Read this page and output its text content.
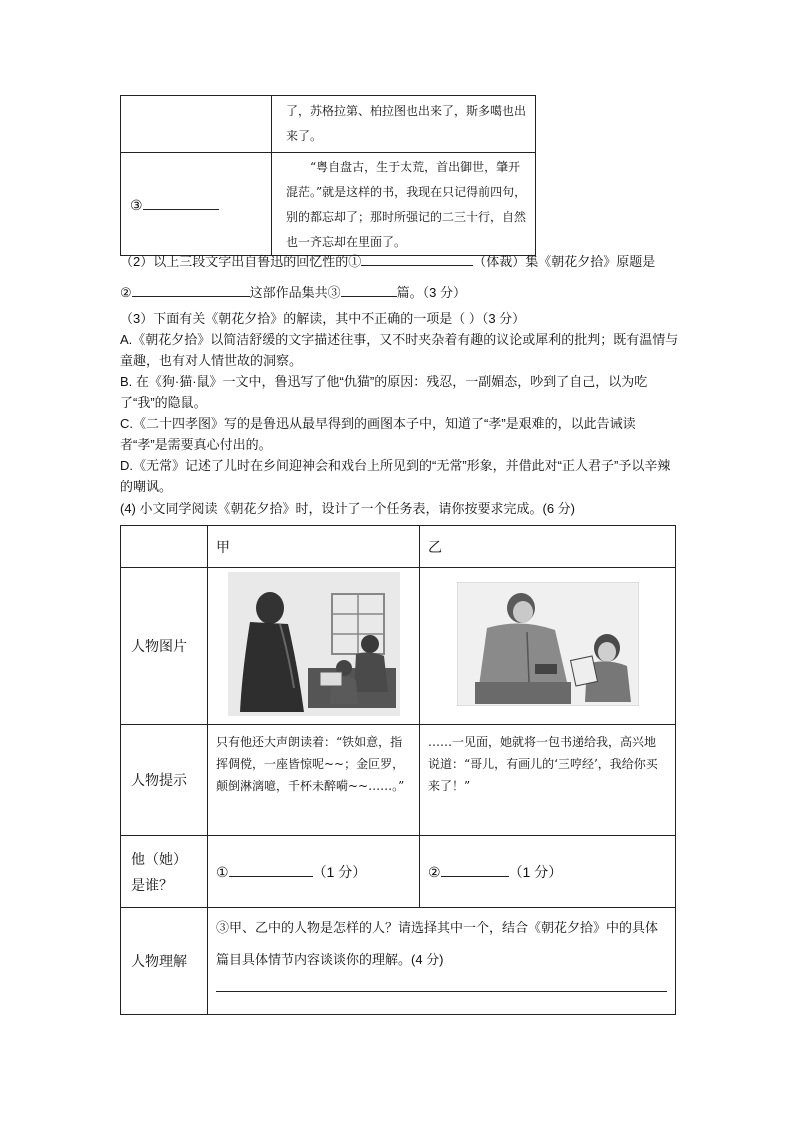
	了，苏格拉第、柏拉图也出来了，斯多噶也出来了。
③	“粤自盘古，生于太荒，首出御世，肇开混茫。”就是这样的书，我现在只记得前四句，别的都忘却了；那时所强记的二三十行，自然也一齐忘却在里面了。
（2）以上三段文字出自鲁迅的回忆性的①	（体裁）集《朝花夕拾》原题是
②	这部作品集共③	篇。（3 分）
（3）下面有关《朝花夕拾》的解读，其中不正确的一项是（ ）（3 分）
A.《朝花夕拾》以简洁舒缓的文字描述往事，又不时夹杂着有趣的议论或犀利的批判；既有温情与童趣，也有对人情世故的洞察。
B. 在《狗·猫·鼠》一文中，鲁迅写了他“仇猫”的原因：残忍，一副媚态，吵到了自己，以为吃了“我”的隐鼠。
C.《二十四孝图》写的是鲁迅从最早得到的画图本子中，知道了“孝”是艰难的，以此告诫读者“孝”是需要真心付出的。
D.《无常》记述了儿时在乡间迎神会和戏台上所见到的“无常”形象，并借此对“正人君子”予以辛辣的嘲讽。
(4) 小文同学阅读《朝花夕拾》时，设计了一个任务表，请你按要求完成。(6 分)
	甲	乙
人物图片		
人物提示	只有他还大声朗读着：“铁如意，指挥倜傥，一座皆惊呢~~；金叵罗，颠倒淋漓噫，千杯未醉嗬~~……。”	……一见面，她就将一包书递给我，高兴地说道：“哥儿，有画儿的‘三哼经’，我给你买来了！”
他（她）
是谁？	① （1 分）	② （1 分）
人物理解	③甲、乙中的人物是怎样的人？请选择其中一个，结合《朝花夕拾》中的具体篇目具体情节内容谈谈你的理解。(4 分)	
